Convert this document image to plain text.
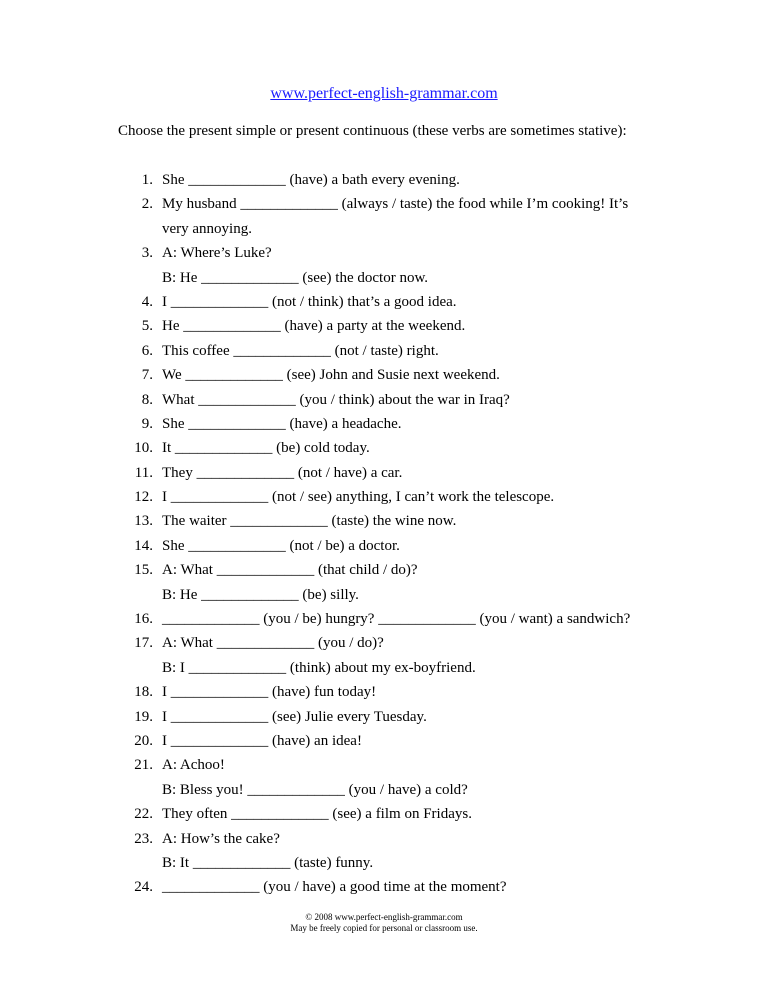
www.perfect-english-grammar.com
Choose the present simple or present continuous (these verbs are sometimes stative):
1. She _____________ (have) a bath every evening.
2. My husband _____________ (always / taste) the food while I’m cooking! It’s
very annoying.
3. A: Where’s Luke?
B: He _____________ (see) the doctor now.
4. I _____________ (not / think) that’s a good idea.
5. He _____________ (have) a party at the weekend.
6. This coffee _____________ (not / taste) right.
7. We _____________ (see) John and Susie next weekend.
8. What _____________ (you / think) about the war in Iraq?
9. She _____________ (have) a headache.
10. It _____________ (be) cold today.
11. They _____________ (not / have) a car.
12. I _____________ (not / see) anything, I can’t work the telescope.
13. The waiter _____________ (taste) the wine now.
14. She _____________ (not / be) a doctor.
15. A: What _____________ (that child / do)?
B: He _____________ (be) silly.
16. _____________ (you / be) hungry? _____________ (you / want) a sandwich?
17. A: What _____________ (you / do)?
B: I _____________ (think) about my ex-boyfriend.
18. I _____________ (have) fun today!
19. I _____________ (see) Julie every Tuesday.
20. I _____________ (have) an idea!
21. A: Achoo!
B: Bless you! _____________ (you / have) a cold?
22. They often _____________ (see) a film on Fridays.
23. A: How’s the cake?
B: It _____________ (taste) funny.
24. _____________ (you / have) a good time at the moment?
© 2008 www.perfect-english-grammar.com
May be freely copied for personal or classroom use.
